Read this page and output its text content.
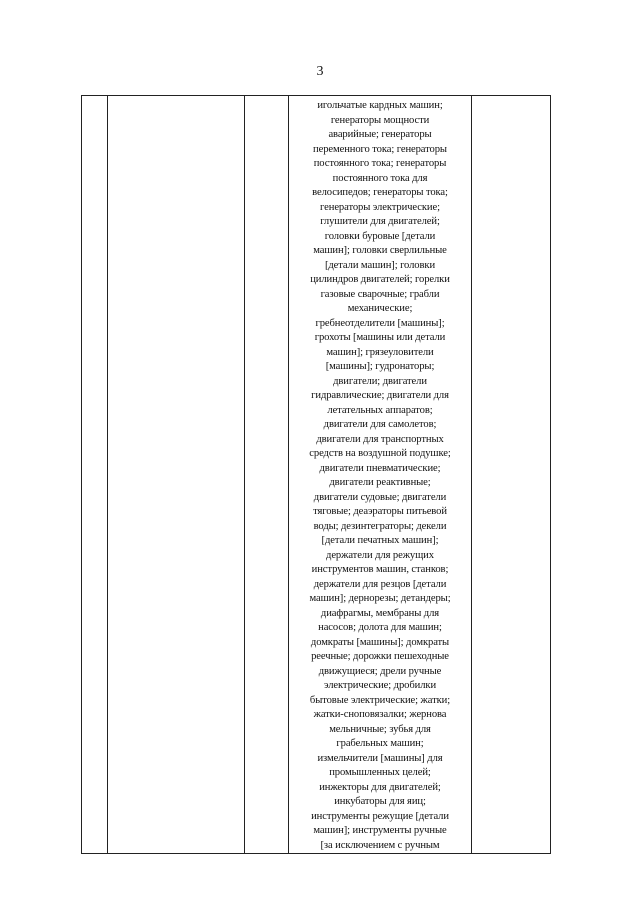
3

игольчатые кардных машин;
генераторы мощности
аварийные; генераторы
переменного тока; генераторы
постоянного тока; генераторы
постоянного тока для
велосипедов; генераторы тока;
генераторы электрические;
глушители для двигателей;
головки буровые [детали
машин]; головки сверлильные
[детали машин]; головки
цилиндров двигателей; горелки
газовые сварочные; грабли
механические;
гребнеотделители [машины];
грохоты [машины или детали
машин]; грязеуловители
[машины]; гудронаторы;
двигатели; двигатели
гидравлические; двигатели для
летательных аппаратов;
двигатели для самолетов;
двигатели для транспортных
средств на воздушной подушке;
двигатели пневматические;
двигатели реактивные;
двигатели судовые; двигатели
тяговые; деаэраторы питьевой
воды; дезинтеграторы; декели
[детали печатных машин];
держатели для режущих
инструментов машин, станков;
держатели для резцов [детали
машин]; дернорезы; детандеры;
диафрагмы, мембраны для
насосов; долота для машин;
домкраты [машины]; домкраты
реечные; дорожки пешеходные
движущиеся; дрели ручные
электрические; дробилки
бытовые электрические; жатки;
жатки-сноповязалки; жернова
мельничные; зубья для
грабельных машин;
измельчители [машины] для
промышленных целей;
инжекторы для двигателей;
инкубаторы для яиц;
инструменты режущие [детали
машин]; инструменты ручные
[за исключением с ручным
